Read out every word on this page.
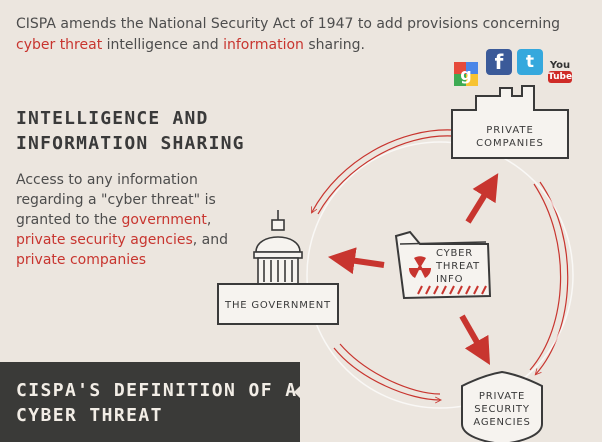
CISPA amends the National Security Act of 1947 to add provisions concerning cyber threat intelligence and information sharing.
INTELLIGENCE AND
INFORMATION SHARING
Access to any information regarding a "cyber threat" is granted to the government, private security agencies, and private companies
PRIVATE
COMPANIES
THE GOVERNMENT
PRIVATE
SECURITY
AGENCIES
CYBER
THREAT
INFO
g
f t You
Tube
CISPA'S DEFINITION OF A
CYBER THREAT
